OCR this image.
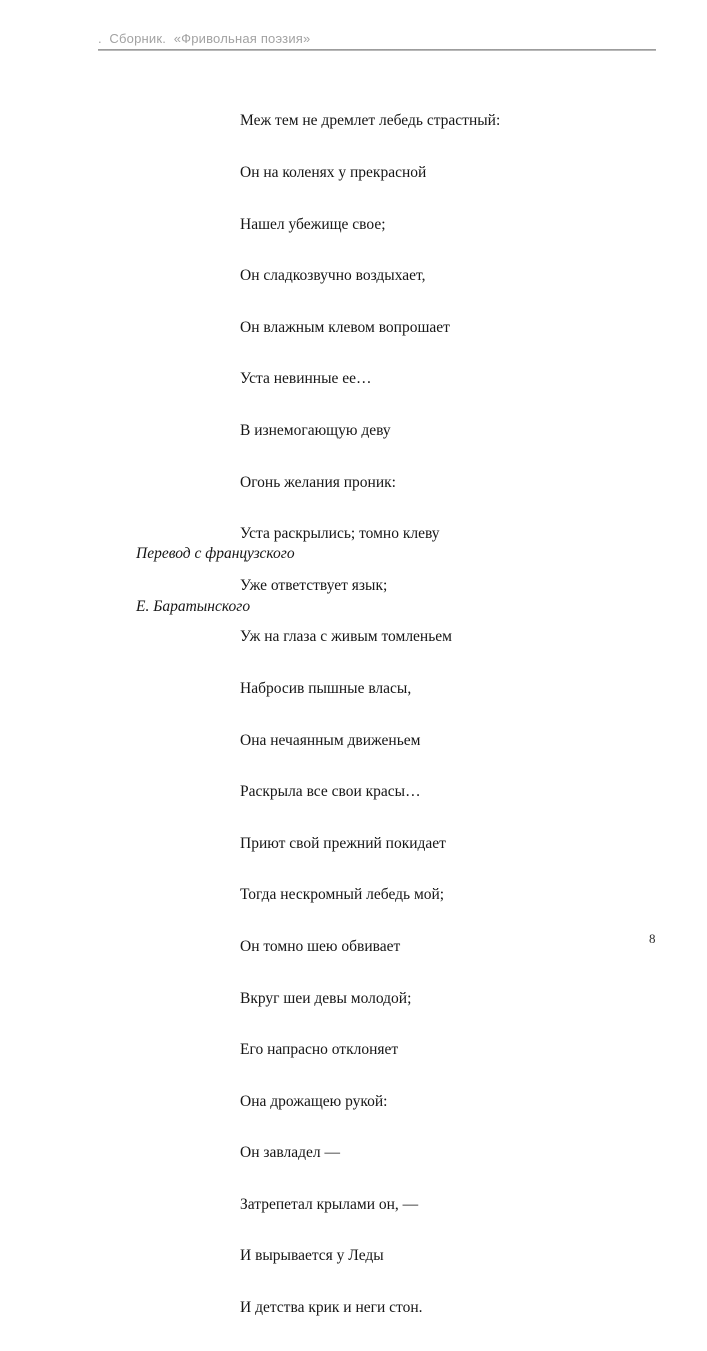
.  Сборник.  «Фривольная поэзия»

Меж тем не дремлет лебедь страстный:

Он на коленях у прекрасной

Нашел убежище свое;

Он сладкозвучно воздыхает,

Он влажным клевом вопрошает

Уста невинные ее…

В изнемогающую деву

Огонь желания проник:

Уста раскрылись; томно клеву

Уже ответствует язык;

Уж на глаза с живым томленьем

Набросив пышные власы,

Она нечаянным движеньем

Раскрыла все свои красы…

Приют свой прежний покидает

Тогда нескромный лебедь мой;

Он томно шею обвивает

Вкруг шеи девы молодой;

Его напрасно отклоняет

Она дрожащею рукой:

Он завладел —

Затрепетал крылами он, —

И вырывается у Леды

И детства крик и неги стон.

Перевод с французского

Е. Баратынского

8
